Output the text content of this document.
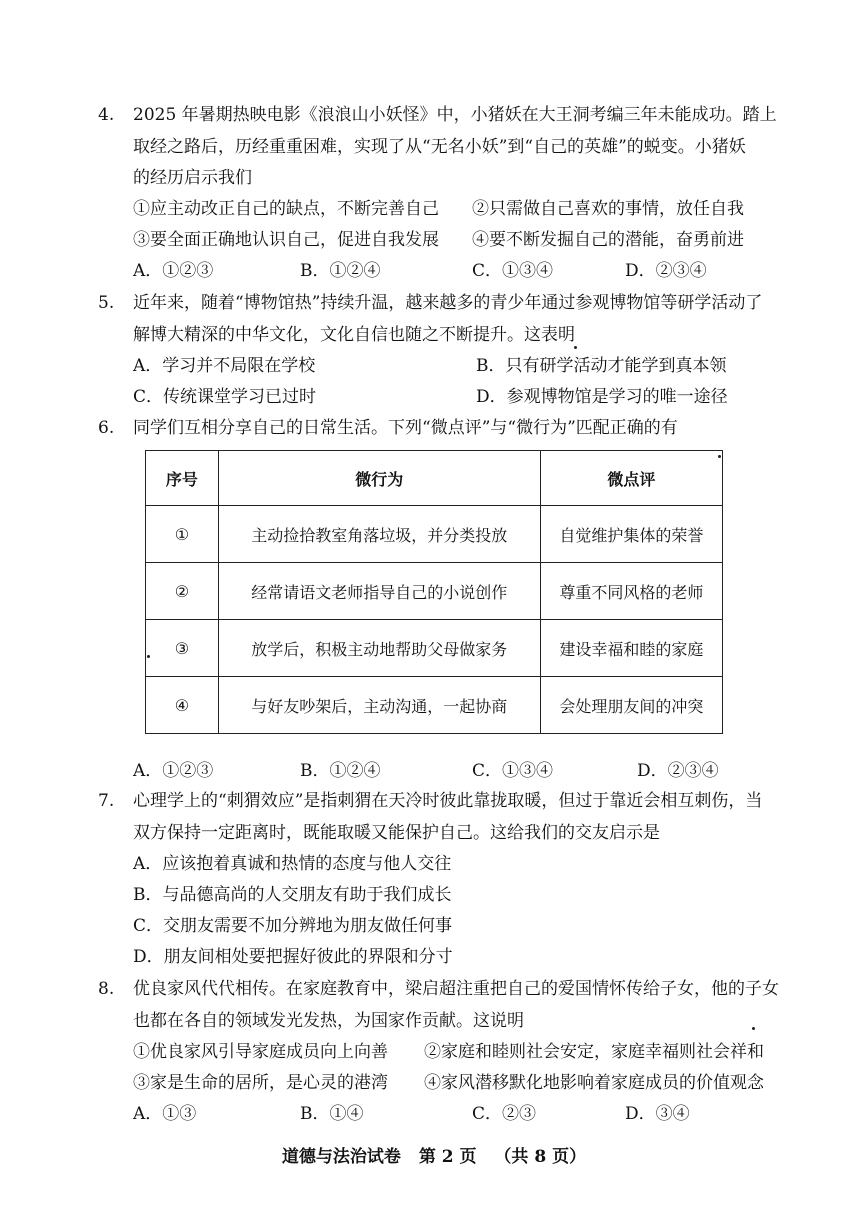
4. 2025 年暑期热映电影《浪浪山小妖怪》中，小猪妖在大王洞考编三年未能成功。踏上
取经之路后，历经重重困难，实现了从“无名小妖”到“自己的英雄”的蜕变。小猪妖
的经历启示我们
①应主动改正自己的缺点，不断完善自己 ②只需做自己喜欢的事情，放任自我
③要全面正确地认识自己，促进自我发展 ④要不断发掘自己的潜能，奋勇前进
A．①②③	B．①②④	C．①③④	D．②③④
5. 近年来，随着“博物馆热”持续升温，越来越多的青少年通过参观博物馆等研学活动了
解博大精深的中华文化，文化自信也随之不断提升。这表明
A．学习并不局限在学校	B．只有研学活动才能学到真本领
C．传统课堂学习已过时	D．参观博物馆是学习的唯一途径
6. 同学们互相分享自己的日常生活。下列“微点评”与“微行为”匹配正确的有
序号	微行为	微点评
①	主动捡拾教室角落垃圾，并分类投放	自觉维护集体的荣誉
②	经常请语文老师指导自己的小说创作	尊重不同风格的老师
③	放学后，积极主动地帮助父母做家务	建设幸福和睦的家庭
④	与好友吵架后，主动沟通，一起协商	会处理朋友间的冲突
A．①②③	B．①②④	C．①③④	D．②③④
7. 心理学上的“刺猬效应”是指刺猬在天冷时彼此靠拢取暖，但过于靠近会相互刺伤，当
双方保持一定距离时，既能取暖又能保护自己。这给我们的交友启示是
A．应该抱着真诚和热情的态度与他人交往
B．与品德高尚的人交朋友有助于我们成长
C．交朋友需要不加分辨地为朋友做任何事
D．朋友间相处要把握好彼此的界限和分寸
8. 优良家风代代相传。在家庭教育中，梁启超注重把自己的爱国情怀传给子女，他的子女
也都在各自的领域发光发热，为国家作贡献。这说明
①优良家风引导家庭成员向上向善 ②家庭和睦则社会安定，家庭幸福则社会祥和
③家是生命的居所，是心灵的港湾 ④家风潜移默化地影响着家庭成员的价值观念
A．①③	B．①④	C．②③	D．③④
道德与法治试卷 第 2 页 （共 8 页）
